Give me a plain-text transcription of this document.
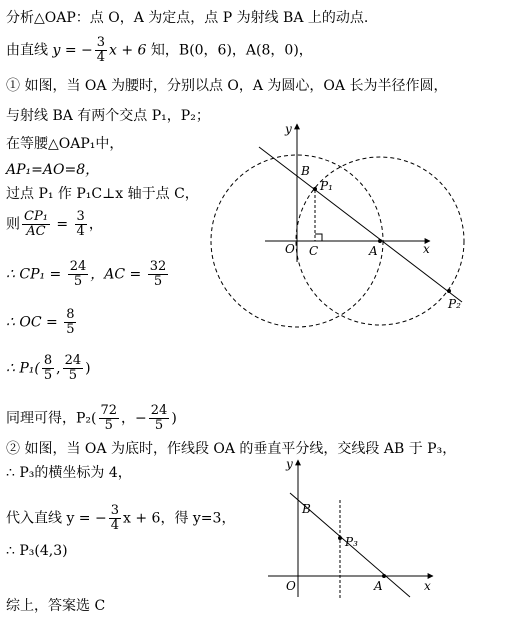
分析△OAP：点 O，A 为定点，点 P 为射线 BA 上的动点.
由直线 y = − $\frac{3}{4}$ x + 6 知，B(0，6)，A(8，0)，
① 如图，当 OA 为腰时，分别以点 O，A 为圆心，OA 长为半径作圆，
与射线 BA 有两个交点 P₁，P₂；
在等腰△OAP₁中，
AP₁=AO=8，
过点 P₁ 作 P₁C⊥x 轴于点 C，
则 $\frac{\text{CP₁}}{AC} = \frac{3}{4}$ ，
∴ $CP_1 = \frac{24}{5}$ ，AC = $\frac{32}{5}$
∴ OC = $\frac{8}{5}$
∴ $P_1( \frac{8}{5}$ , $\frac{24}{5}$ )
同理可得，$P_2( \frac{72}{5}$ ，− $\frac{24}{5}$ )
② 如图，当 OA 为底时，作线段 OA 的垂直平分线，交线段 AB 于 P₃，
∴ P₃的横坐标为 4，
代入直线 y = − $\frac{3}{4}$ x + 6，得 y=3，
∴ P₃(4,3)
综上，答案选 C
y
x
B
P₁
O C	A
P₂
y
x
B
P₃
O	A
